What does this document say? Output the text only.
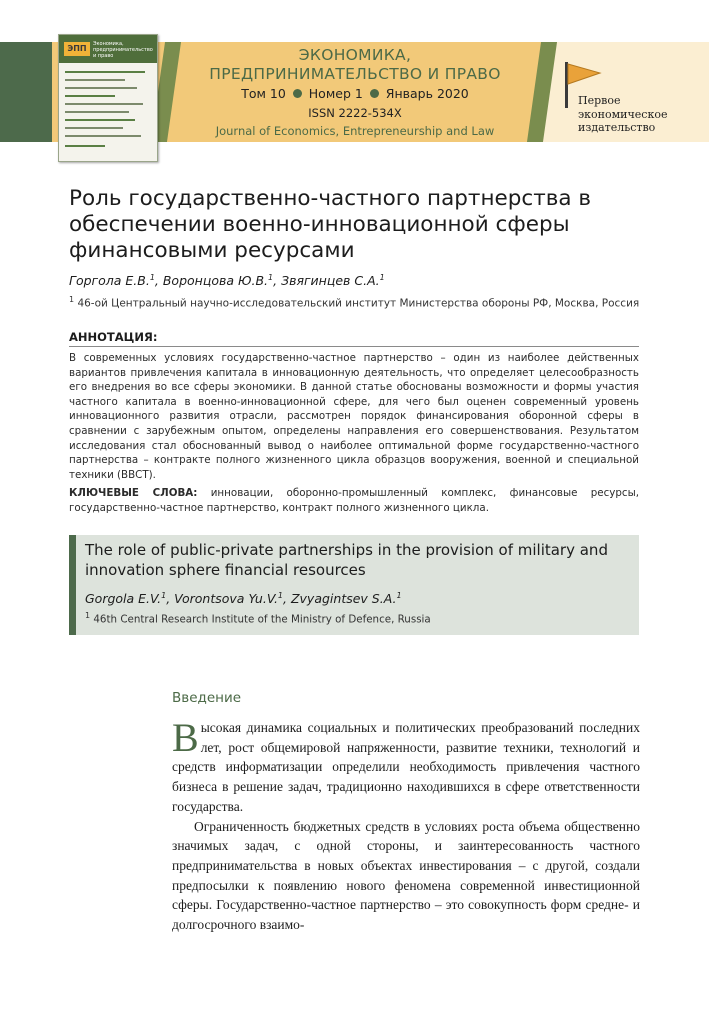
ЭПП	Экономика, предпринимательство и право	ЭКОНОМИКА,
ПРЕДПРИНИМАТЕЛЬСТВО И ПРАВО
Том 10 Номер 1 Январь 2020
ISSN 2222-534X
Journal of Economics, Entrepreneurship and Law
Первое
экономическое
издательство
Роль государственно-частного партнерства в обеспечении военно-инновационной сферы финансовыми ресурсами
Горгола Е.В.$^1$, Воронцова Ю.В.$^1$, Звягинцев С.А.$^1$
$^1$ 46-ой Центральный научно-исследовательский институт Министерства обороны РФ, Москва, Россия
АННОТАЦИЯ:
В современных условиях государственно-частное партнерство – один из наиболее действенных вариантов привлечения капитала в инновационную деятельность, что определяет целесообразность его внедрения во все сферы экономики. В данной статье обоснованы возможности и формы участия частного капитала в военно-инновационной сфере, для чего был оценен современный уровень инновационного развития отрасли, рассмотрен порядок финансирования оборонной сферы в сравнении с зарубежным опытом, определены направления его совершенствования. Результатом исследования стал обоснованный вывод о наиболее оптимальной форме государственно-частного партнерства – контракте полного жизненного цикла образцов вооружения, военной и специальной техники (ВВСТ).
КЛЮЧЕВЫЕ СЛОВА: инновации, оборонно-промышленный комплекс, финансовые ресурсы, государственно-частное партнерство, контракт полного жизненного цикла.
The role of public-private partnerships in the provision of military and innovation sphere financial resources
Gorgola E.V.$^1$, Vorontsova Yu.V.$^1$, Zvyagintsev S.A.$^1$
$^1$ 46th Central Research Institute of the Ministry of Defence, Russia
Введение

Высокая динамика социальных и политических преобразований последних лет, рост общемировой напряженности, развитие техники, технологий и средств информатизации определили необходимость привлечения частного бизнеса в решение задач, традиционно находившихся в сфере ответственности государства.

Ограниченность бюджетных средств в условиях роста объема общественно значимых задач, с одной стороны, и заинтересованность частного предпринимательства в новых объектах инвестирования – с другой, создали предпосылки к появлению нового феномена современной инвестиционной сферы. Государственно-частное партнерство – это совокупность форм средне- и долгосрочного взаимо-
